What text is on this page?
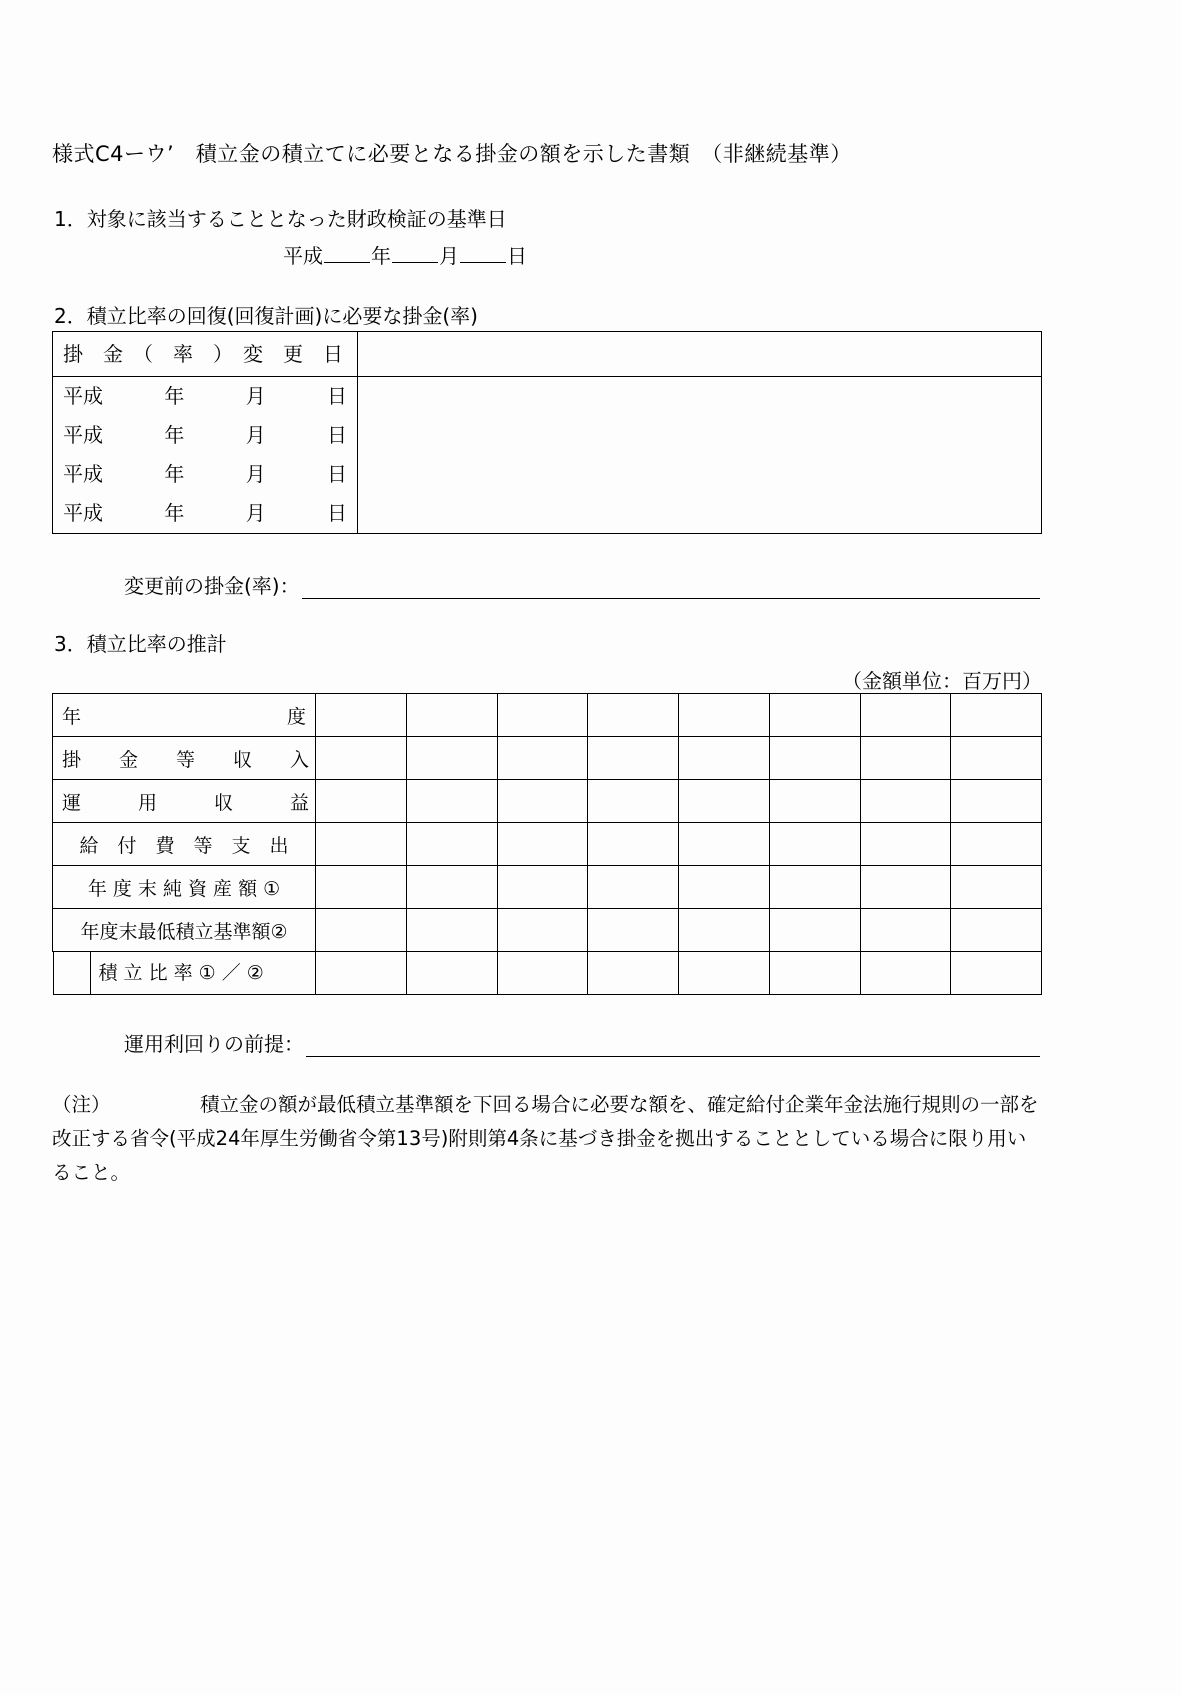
様式C4ーウ’　積立金の積立てに必要となる掛金の額を示した書類　（非継続基準）
1．対象に該当することとなった財政検証の基準日
平成 年 月 日
2．積立比率の回復(回復計画)に必要な掛金(率)
掛　金　（　率　）　変　更　日
平成	年	月	日
平成	年	月	日
平成	年	月	日
平成	年	月	日
変更前の掛金(率)：
3．積立比率の推計
（金額単位：百万円）
年 度								

掛　　金　　等　　収　　入								

運　　　用　　　収　　　益								

給　付　費　等　支　出								

年 度 末 純 資 産 額 ①								

年度末最低積立基準額②								

積 立 比 率 ① ／ ②								

運用利回りの前提：
（注）	積立金の額が最低積立基準額を下回る場合に必要な額を、確定給付企業年金法施行規則の一部を改正する省令(平成24年厚生労働省令第13号)附則第4条に基づき掛金を拠出することとしている場合に限り用いること。
